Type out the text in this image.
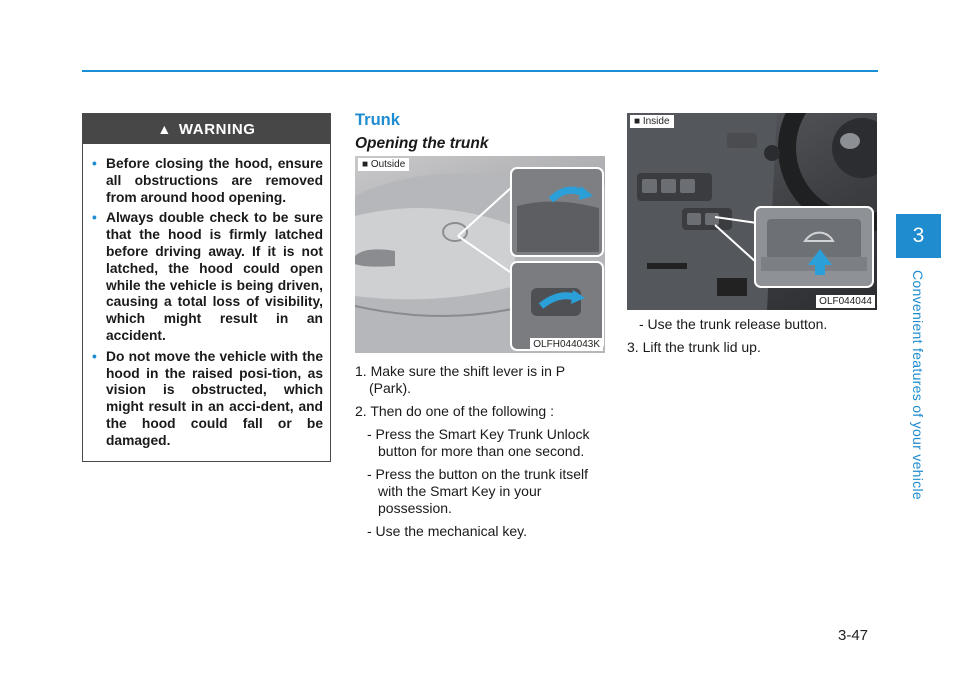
▲ WARNING
• Before closing the hood, ensure all obstructions are removed from around hood opening.
• Always double check to be sure that the hood is firmly latched before driving away. If it is not latched, the hood could open while the vehicle is being driven, causing a total loss of visibility, which might result in an accident.
• Do not move the vehicle with the hood in the raised posi-tion, as vision is obstructed, which might result in an acci-dent, and the hood could fall or be damaged.
Trunk
Opening the trunk
■ Outside
OLFH044043K

1. Make sure the shift lever is in P (Park).

2. Then do one of the following :

- Press the Smart Key Trunk Unlock button for more than one second.

- Press the button on the trunk itself with the Smart Key in your possession.

- Use the mechanical key.

■ Inside
OLF044044

- Use the trunk release button.

3. Lift the trunk lid up.

3
Convenient features of your vehicle
3-47
